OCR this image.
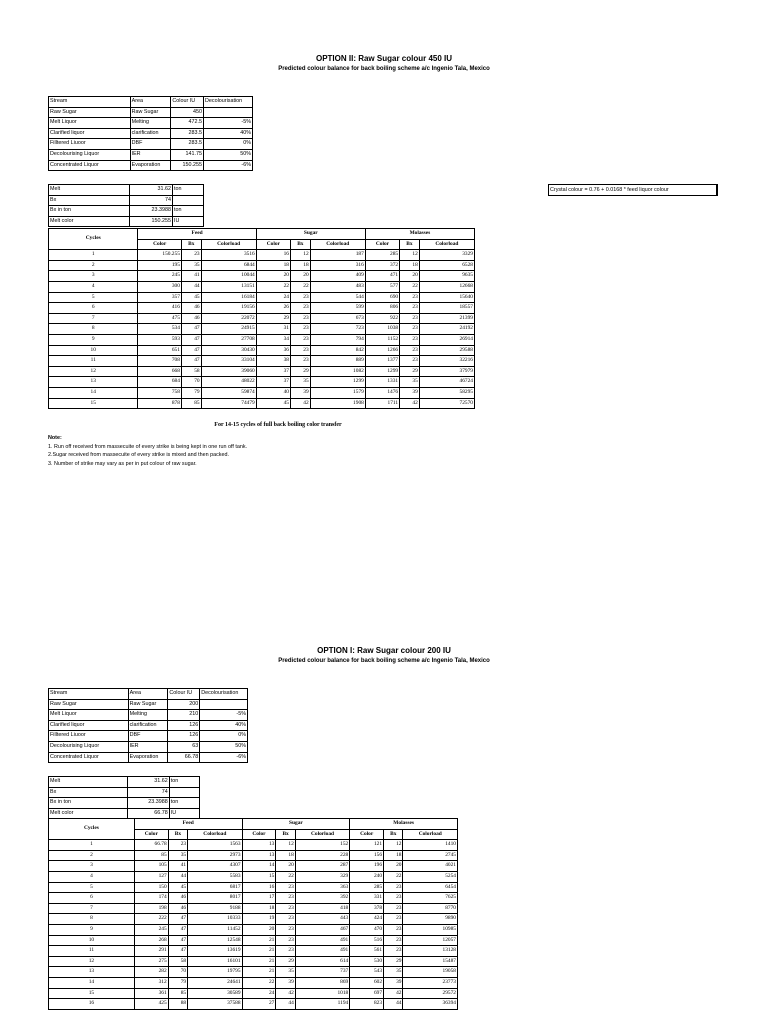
OPTION II: Raw Sugar colour 450 IU
Predicted colour balance for back boiling scheme a/c Ingenio Tala, Mexico
Stream	Area	Colour IU	Decolourisation
Raw Sugar	Raw Sugar	450	
Melt Liquor	Melting	472.5	-5%
Clarified liquor	clarification	283.5	40%
Filltered Liuoor	DBF	283.5	0%
Decolourising Liquor	IER	141.75	50%
Concentrated Liquor	Evaporation	150.255	-6%
Melt	31.62	ton
Bx	74	
Bx in ton	23.3988	ton
Melt color	150.255	IU
Crystal colour = 0.76 + 0.0168 * feed liquor colour
Cycles	Feed			Sugar			Molasses		
	Color	Bx	Colorload	Color	Bx	Colorload	Color	Bx	Colorload
1	150.255	23	3516	16	12	187	285	12	3329
2	195	35	6844	18	18	316	372	18	6528
3	245	41	10044	20	20	409	471	20	9635
4	300	44	13151	22	22	483	577	22	12668
5	357	45	16184	24	23	544	690	23	15640
6	416	46	19156	26	23	599	806	23	18557
7	475	46	22072	29	23	673	922	23	21399
8	534	47	24915	31	23	723	1038	23	24192
9	593	47	27708	34	23	794	1152	23	26914
10	651	47	30430	36	23	842	1266	23	29588
11	708	47	33104	38	23	889	1377	23	32216
12	668	58	39060	37	29	1082	1299	29	37979
13	684	70	48022	37	35	1299	1331	35	46724
14	758	79	59874	40	39	1579	1476	39	58295
15	878	85	74479	45	42	1908	1711	42	72570
For 14-15 cycles of full back boiling color transfer
Note:
1. Run off received from massecuite of every strike is being kept in one run off tank.
2.Sugar received from massecuite of every strike is mixed and then packed.
3. Number of strike may vary as per in put colour of raw sugar.
OPTION I: Raw Sugar colour 200 IU
Predicted colour balance for back boiling scheme a/c Ingenio Tala, Mexico
Stream	Area	Colour IU	Decolourisation
Raw Sugar	Raw Sugar	200	
Melt Liquor	Melting	210	-5%
Clarified liquor	clarification	126	40%
Filltered Liuoor	DBF	126	0%
Decolourising Liquor	IER	63	50%
Concentrated Liquor	Evaporation	66.78	-6%
Melt	31.62	ton
Bx	74	
Bx in ton	23.3988	ton
Melt color	66.78	IU
Cycles	Feed			Sugar			Molasses		
	Color	Bx	Colorload	Color	Bx	Colorload	Color	Bx	Colorload
1	66.78	23	1563	13	12	152	121	12	1410
2	85	35	2973	13	18	228	156	18	2745
3	105	41	4307	14	20	287	196	20	4021
4	127	44	5583	15	22	329	240	22	5254
5	150	45	6817	16	23	363	285	23	6454
6	174	46	8017	17	23	392	331	23	7625
7	198	46	9188	18	23	418	378	23	8770
8	222	47	10333	19	23	443	424	23	9890
9	245	47	11452	20	23	467	470	23	10985
10	268	47	12548	21	23	491	516	23	12057
11	291	47	13619	21	23	491	561	23	13128
12	275	58	16101	21	29	614	530	29	15487
13	282	70	19795	21	35	737	543	35	19058
14	312	79	24641	22	39	869	602	39	23773
15	361	85	30589	24	42	1018	697	42	29572
16	425	88	37588	27	44	1194	823	44	36394
